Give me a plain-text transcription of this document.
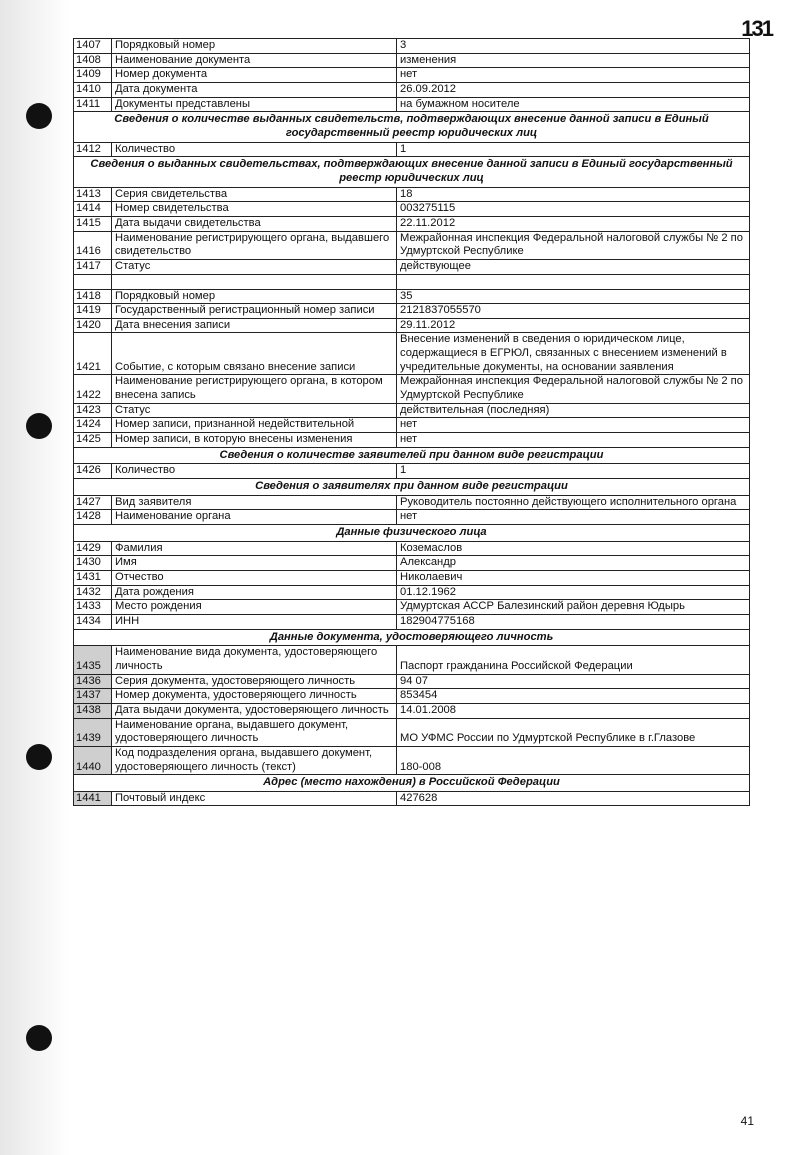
131
1407	Порядковый номер	3
1408	Наименование документа	изменения
1409	Номер документа	нет
1410	Дата документа	26.09.2012
1411	Документы представлены	на бумажном носителе
Сведения о количестве выданных свидетельств, подтверждающих внесение данной записи в Единый государственный реестр юридических лиц		
1412	Количество	1
Сведения о выданных свидетельствах, подтверждающих внесение данной записи в Единый государственный реестр юридических лиц		
1413	Серия свидетельства	18
1414	Номер свидетельства	003275115
1415	Дата выдачи свидетельства	22.11.2012
1416	Наименование регистрирующего органа, выдавшего свидетельство	Межрайонная инспекция Федеральной налоговой службы № 2 по Удмуртской Республике
1417	Статус	действующее

1418	Порядковый номер	35
1419	Государственный регистрационный номер записи	2121837055570
1420	Дата внесения записи	29.11.2012
1421	Событие, с которым связано внесение записи	Внесение изменений в сведения о юридическом лице, содержащиеся в ЕГРЮЛ, связанных с внесением изменений в учредительные документы, на основании заявления
1422	Наименование регистрирующего органа, в котором внесена запись	Межрайонная инспекция Федеральной налоговой службы № 2 по Удмуртской Республике
1423	Статус	действительная (последняя)
1424	Номер записи, признанной недействительной	нет
1425	Номер записи, в которую внесены изменения	нет
Сведения о количестве заявителей при данном виде регистрации		
1426	Количество	1
Сведения о заявителях при данном виде регистрации		
1427	Вид заявителя	Руководитель постоянно действующего исполнительного органа
1428	Наименование органа	нет
Данные физического лица		
1429	Фамилия	Коземаслов
1430	Имя	Александр
1431	Отчество	Николаевич
1432	Дата рождения	01.12.1962
1433	Место рождения	Удмуртская АССР Балезинский район деревня Юдырь
1434	ИНН	182904775168
Данные документа, удостоверяющего личность		
1435	Наименование вида документа, удостоверяющего личность	Паспорт гражданина Российской Федерации
1436	Серия документа, удостоверяющего личность	94 07
1437	Номер документа, удостоверяющего личность	853454
1438	Дата выдачи документа, удостоверяющего личность	14.01.2008
1439	Наименование органа, выдавшего документ, удостоверяющего личность	МО УФМС России по Удмуртской Республике в г.Глазове
1440	Код подразделения органа, выдавшего документ, удостоверяющего личность (текст)	180-008
Адрес (место нахождения) в Российской Федерации		
1441	Почтовый индекс	427628
41
